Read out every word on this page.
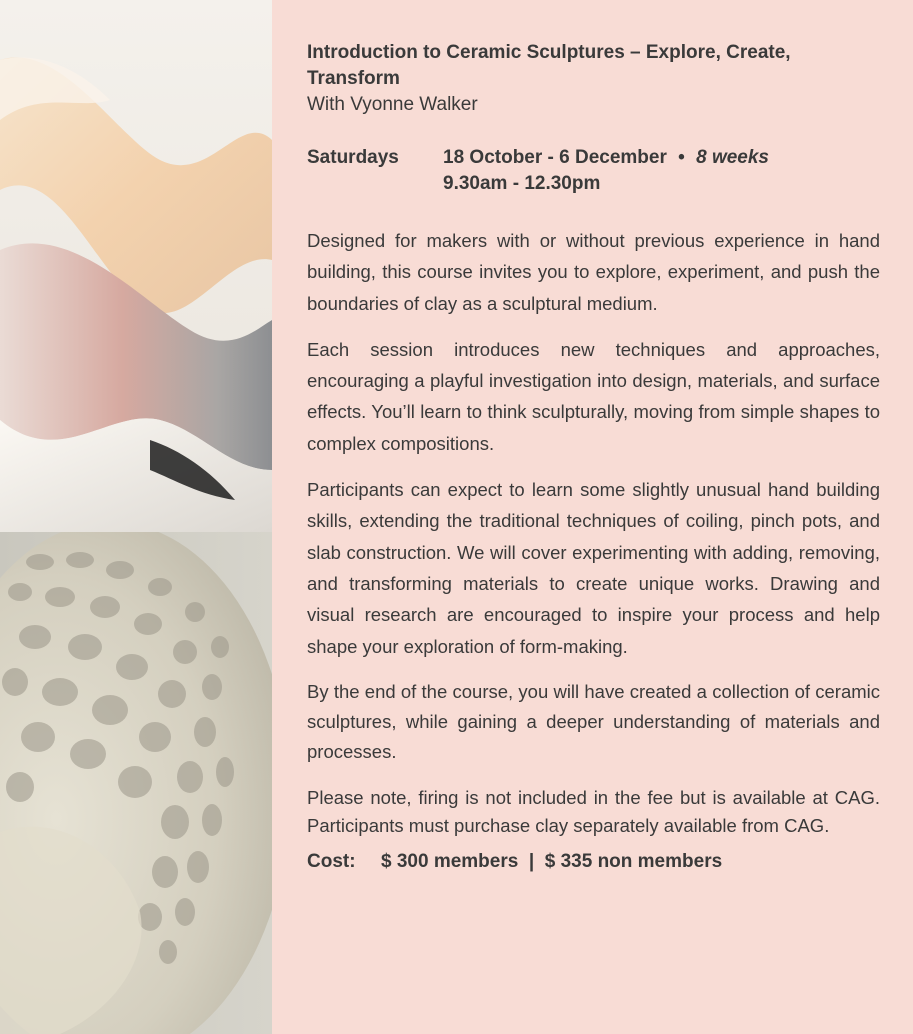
Introduction to Ceramic Sculptures – Explore, Create, Transform

With Vyonne Walker

Saturdays	18 October - 6 December • 8 weeks
9.30am - 12.30pm

Designed for makers with or without previous experience in hand building, this course invites you to explore, experiment, and push the boundaries of clay as a sculptural medium.

Each session introduces new techniques and approaches, encouraging a playful investigation into design, materials, and surface effects. You’ll learn to think sculpturally, moving from simple shapes to complex compositions.

Participants can expect to learn some slightly unusual hand building skills, extending the traditional techniques of coiling, pinch pots, and slab construction. We will cover experimenting with adding, removing, and transforming materials to create unique works. Drawing and visual research are encouraged to inspire your process and help shape your exploration of form-making.

By the end of the course, you will have created a collection of ceramic sculptures, while gaining a deeper understanding of materials and processes.

Please note, firing is not included in the fee but is available at CAG. Participants must purchase clay separately available from CAG.

Cost:	$ 300 members  |  $ 335 non members
